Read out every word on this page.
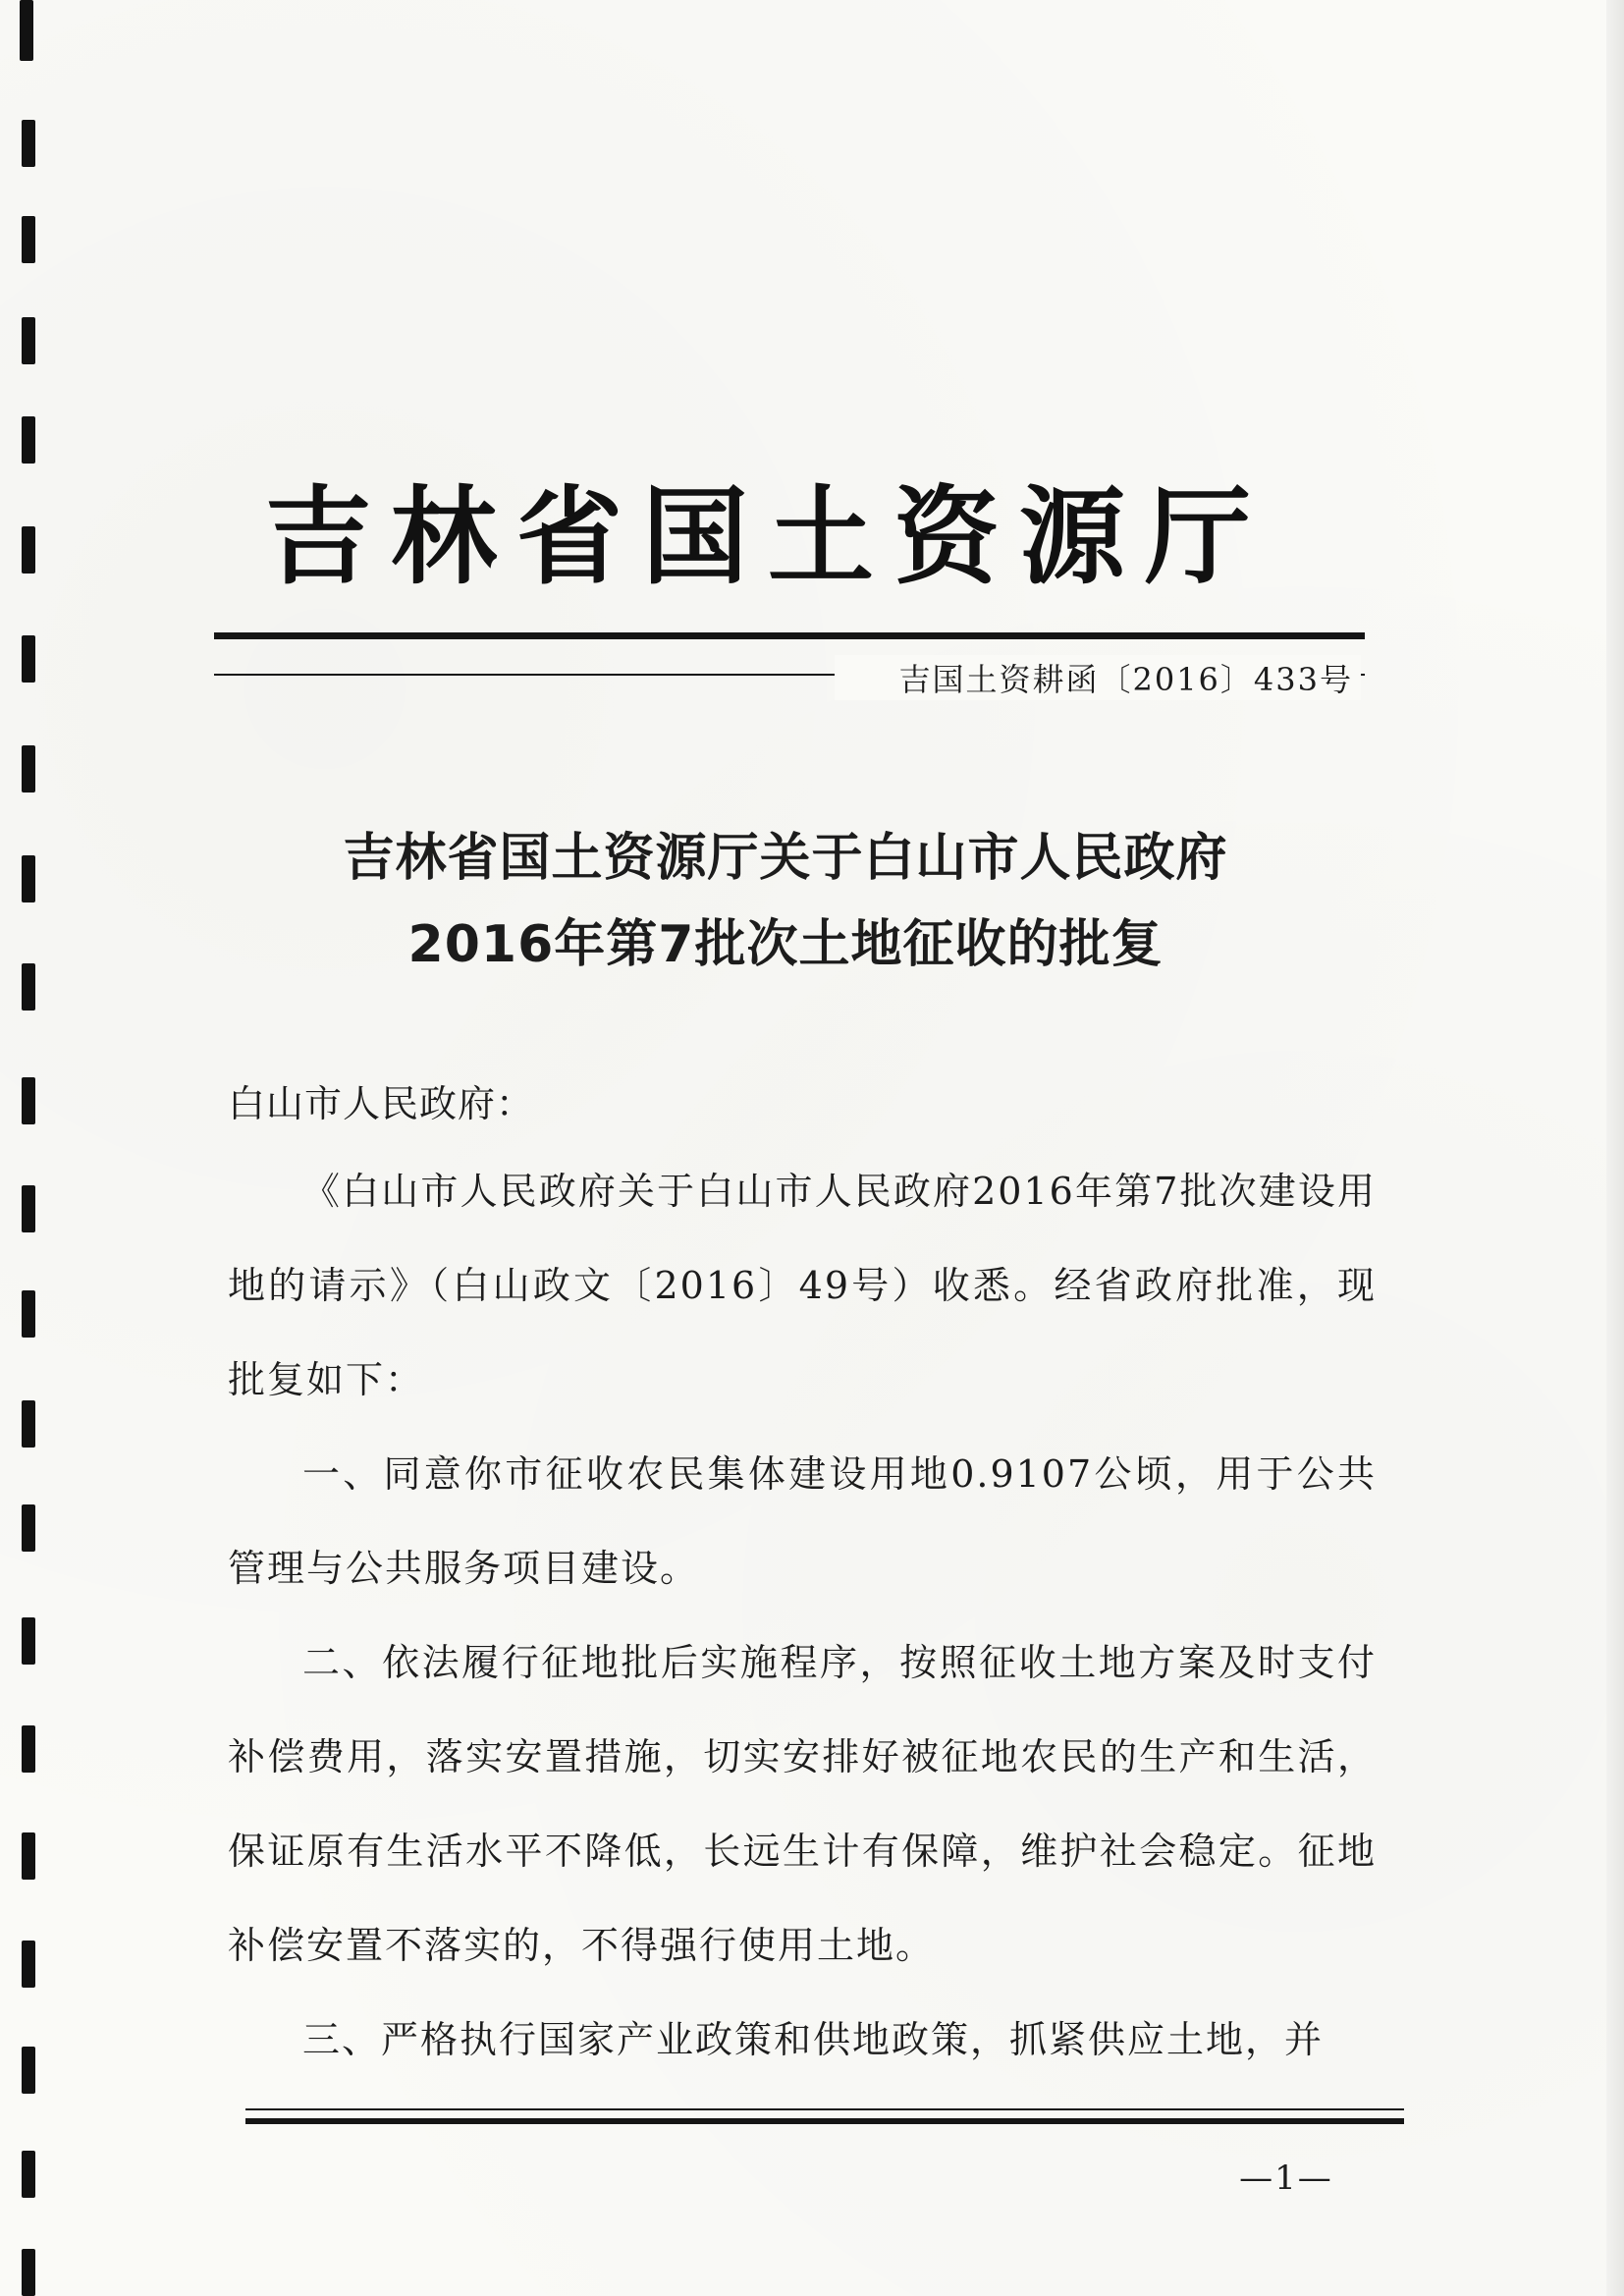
吉林省国土资源厅
吉国土资耕函〔2016〕433号
吉林省国土资源厅关于白山市人民政府
2016年第7批次土地征收的批复
白山市人民政府：

《白山市人民政府关于白山市人民政府2016年第7批次建设用地的请示》（白山政文〔2016〕49号）收悉。经省政府批准，现批复如下：

一、同意你市征收农民集体建设用地0.9107公顷，用于公共管理与公共服务项目建设。

二、依法履行征地批后实施程序，按照征收土地方案及时支付补偿费用，落实安置措施，切实安排好被征地农民的生产和生活，保证原有生活水平不降低，长远生计有保障，维护社会稳定。征地补偿安置不落实的，不得强行使用土地。

三、严格执行国家产业政策和供地政策，抓紧供应土地，并

—1—
